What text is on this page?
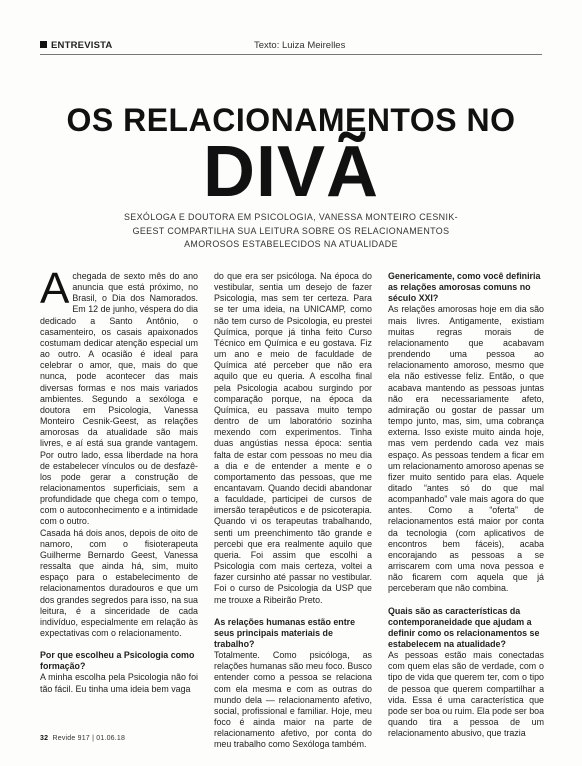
ENTREVISTA	Texto: Luiza Meirelles
OS RELACIONAMENTOS NO
DIVÃ
SEXÓLOGA E DOUTORA EM PSICOLOGIA, VANESSA MONTEIRO CESNIK-GEEST COMPARTILHA SUA LEITURA SOBRE OS RELACIONAMENTOS AMOROSOS ESTABELECIDOS NA ATUALIDADE

Achegada de sexto mês do ano anuncia que está próximo, no Brasil, o Dia dos Namorados. Em 12 de junho, véspera do dia dedicado a Santo Antônio, o casamenteiro, os casais apaixonados costumam dedicar atenção especial um ao outro. A ocasião é ideal para celebrar o amor, que, mais do que nunca, pode acontecer das mais diversas formas e nos mais variados ambientes. Segundo a sexóloga e doutora em Psicologia, Vanessa Monteiro Cesnik-Geest, as relações amorosas da atualidade são mais livres, e aí está sua grande vantagem. Por outro lado, essa liberdade na hora de estabelecer vínculos ou de desfazê-los pode gerar a construção de relacionamentos superficiais, sem a profundidade que chega com o tempo, com o autoconhecimento e a intimidade com o outro.

Casada há dois anos, depois de oito de namoro, com o fisioterapeuta Guilherme Bernardo Geest, Vanessa ressalta que ainda há, sim, muito espaço para o estabelecimento de relacionamentos duradouros e que um dos grandes segredos para isso, na sua leitura, é a sinceridade de cada indivíduo, especialmente em relação às expectativas com o relacionamento.

Por que escolheu a Psicologia como formação?

A minha escolha pela Psicologia não foi tão fácil. Eu tinha uma ideia bem vaga

do que era ser psicóloga. Na época do vestibular, sentia um desejo de fazer Psicologia, mas sem ter certeza. Para se ter uma ideia, na UNICAMP, como não tem curso de Psicologia, eu prestei Química, porque já tinha feito Curso Técnico em Química e eu gostava. Fiz um ano e meio de faculdade de Química até perceber que não era aquilo que eu queria. A escolha final pela Psicologia acabou surgindo por comparação porque, na época da Química, eu passava muito tempo dentro de um laboratório sozinha mexendo com experimentos. Tinha duas angústias nessa época: sentia falta de estar com pessoas no meu dia a dia e de entender a mente e o comportamento das pessoas, que me encantavam. Quando decidi abandonar a faculdade, participei de cursos de imersão terapêuticos e de psicoterapia. Quando vi os terapeutas trabalhando, senti um preenchimento tão grande e percebi que era realmente aquilo que queria. Foi assim que escolhi a Psicologia com mais certeza, voltei a fazer cursinho até passar no vestibular. Foi o curso de Psicologia da USP que me trouxe a Ribeirão Preto.

As relações humanas estão entre seus principais materiais de trabalho?

Totalmente. Como psicóloga, as relações humanas são meu foco. Busco entender como a pessoa se relaciona com ela mesma e com as outras do mundo dela — relacionamento afetivo, social, profissional e familiar. Hoje, meu foco é ainda maior na parte de relacionamento afetivo, por conta do meu trabalho como Sexóloga também.

Genericamente, como você definiria as relações amorosas comuns no século XXI?

As relações amorosas hoje em dia são mais livres. Antigamente, existiam muitas regras morais de relacionamento que acabavam prendendo uma pessoa ao relacionamento amoroso, mesmo que ela não estivesse feliz. Então, o que acabava mantendo as pessoas juntas não era necessariamente afeto, admiração ou gostar de passar um tempo junto, mas, sim, uma cobrança externa. Isso existe muito ainda hoje, mas vem perdendo cada vez mais espaço. As pessoas tendem a ficar em um relacionamento amoroso apenas se fizer muito sentido para elas. Aquele ditado “antes só do que mal acompanhado” vale mais agora do que antes. Como a “oferta” de relacionamentos está maior por conta da tecnologia (com aplicativos de encontros bem fáceis), acaba encorajando as pessoas a se arriscarem com uma nova pessoa e não ficarem com aquela que já perceberam que não combina.

Quais são as características da contemporaneidade que ajudam a definir como os relacionamentos se estabelecem na atualidade?

As pessoas estão mais conectadas com quem elas são de verdade, com o tipo de vida que querem ter, com o tipo de pessoa que querem compartilhar a vida. Essa é uma característica que pode ser boa ou ruim. Ela pode ser boa quando tira a pessoa de um relacionamento abusivo, que trazia

32 Revide 917 | 01.06.18
